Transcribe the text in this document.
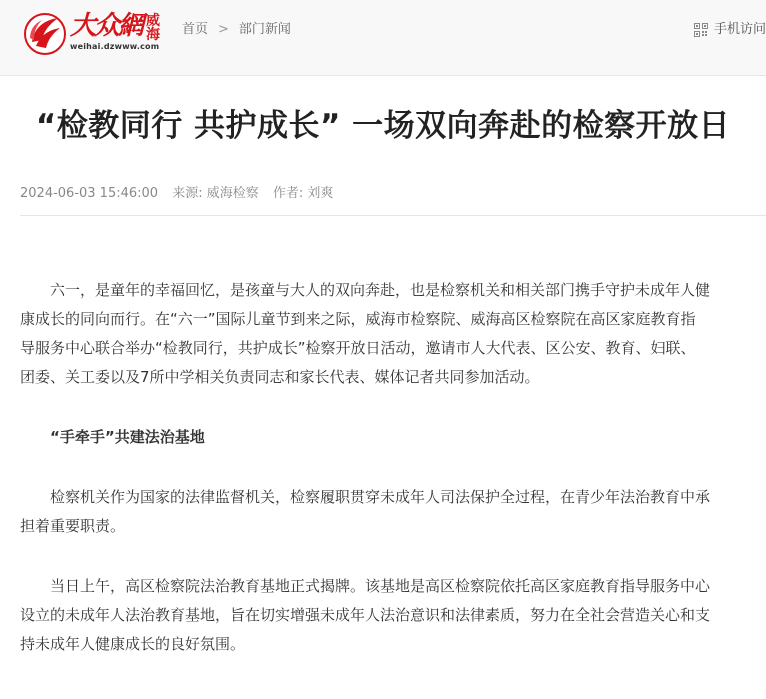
大众網 威海
weihai.dzwww.com
首页 > 部门新闻	手机访问
“检教同行 共护成长” 一场双向奔赴的检察开放日
2024-06-03 15:46:00 来源: 威海检察 作者: 刘爽

六一，是童年的幸福回忆，是孩童与大人的双向奔赴，也是检察机关和相关部门携手守护未成年人健康成长的同向而行。在“六一”国际儿童节到来之际，威海市检察院、威海高区检察院在高区家庭教育指导服务中心联合举办“检教同行，共护成长”检察开放日活动，邀请市人大代表、区公安、教育、妇联、团委、关工委以及7所中学相关负责同志和家长代表、媒体记者共同参加活动。

“手牵手”共建法治基地

检察机关作为国家的法律监督机关，检察履职贯穿未成年人司法保护全过程，在青少年法治教育中承担着重要职责。

当日上午，高区检察院法治教育基地正式揭牌。该基地是高区检察院依托高区家庭教育指导服务中心设立的未成年人法治教育基地，旨在切实增强未成年人法治意识和法律素质，努力在全社会营造关心和支持未成年人健康成长的良好氛围。
